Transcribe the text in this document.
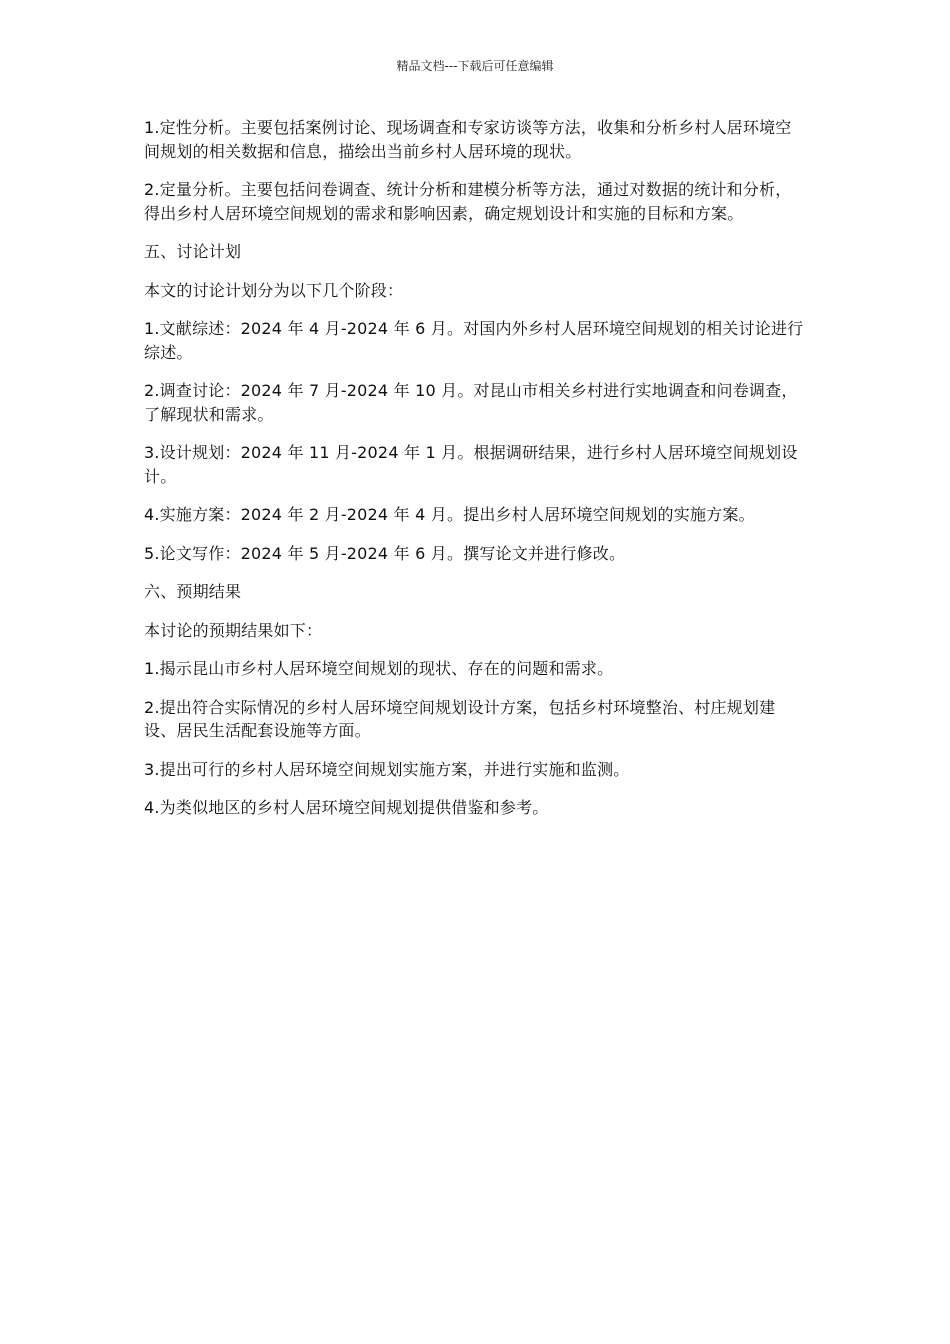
精品文档---下载后可任意编辑

1.定性分析。主要包括案例讨论、现场调查和专家访谈等方法，收集和分析乡村人居环境空间规划的相关数据和信息，描绘出当前乡村人居环境的现状。

2.定量分析。主要包括问卷调查、统计分析和建模分析等方法，通过对数据的统计和分析，得出乡村人居环境空间规划的需求和影响因素，确定规划设计和实施的目标和方案。

五、讨论计划

本文的讨论计划分为以下几个阶段：

1.文献综述：2024 年 4 月-2024 年 6 月。对国内外乡村人居环境空间规划的相关讨论进行综述。

2.调查讨论：2024 年 7 月-2024 年 10 月。对昆山市相关乡村进行实地调查和问卷调查，了解现状和需求。

3.设计规划：2024 年 11 月-2024 年 1 月。根据调研结果，进行乡村人居环境空间规划设计。

4.实施方案：2024 年 2 月-2024 年 4 月。提出乡村人居环境空间规划的实施方案。

5.论文写作：2024 年 5 月-2024 年 6 月。撰写论文并进行修改。

六、预期结果

本讨论的预期结果如下：

1.揭示昆山市乡村人居环境空间规划的现状、存在的问题和需求。

2.提出符合实际情况的乡村人居环境空间规划设计方案，包括乡村环境整治、村庄规划建设、居民生活配套设施等方面。

3.提出可行的乡村人居环境空间规划实施方案，并进行实施和监测。

4.为类似地区的乡村人居环境空间规划提供借鉴和参考。
